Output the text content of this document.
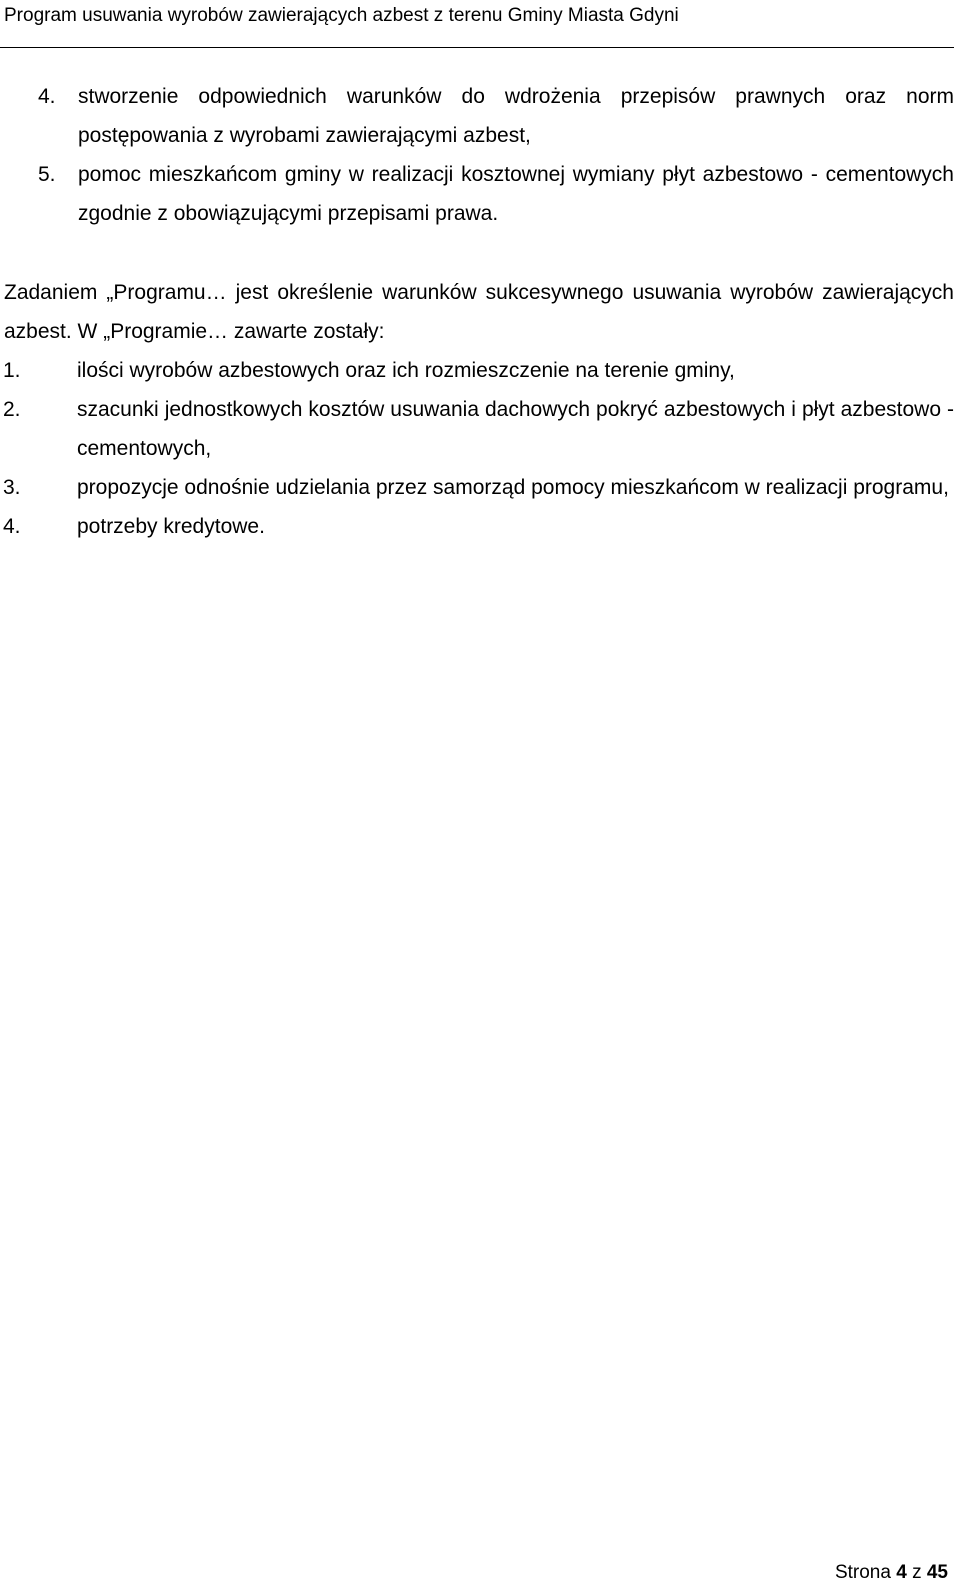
Program usuwania wyrobów zawierających azbest z terenu Gminy Miasta Gdyni
4. stworzenie odpowiednich warunków do wdrożenia przepisów prawnych oraz norm postępowania z wyrobami zawierającymi azbest,
5. pomoc mieszkańcom gminy w realizacji kosztownej wymiany płyt azbestowo - cementowych zgodnie z obowiązującymi przepisami prawa.

Zadaniem „Programu… jest określenie warunków sukcesywnego usuwania wyrobów zawierających azbest. W „Programie… zawarte zostały:

1.	ilości wyrobów azbestowych oraz ich rozmieszczenie na terenie gminy,
2.	szacunki jednostkowych kosztów usuwania dachowych pokryć azbestowych i płyt azbestowo -cementowych,
3.	propozycje odnośnie udzielania przez samorząd pomocy mieszkańcom w realizacji programu,
4.	potrzeby kredytowe.
Strona 4 z 45
